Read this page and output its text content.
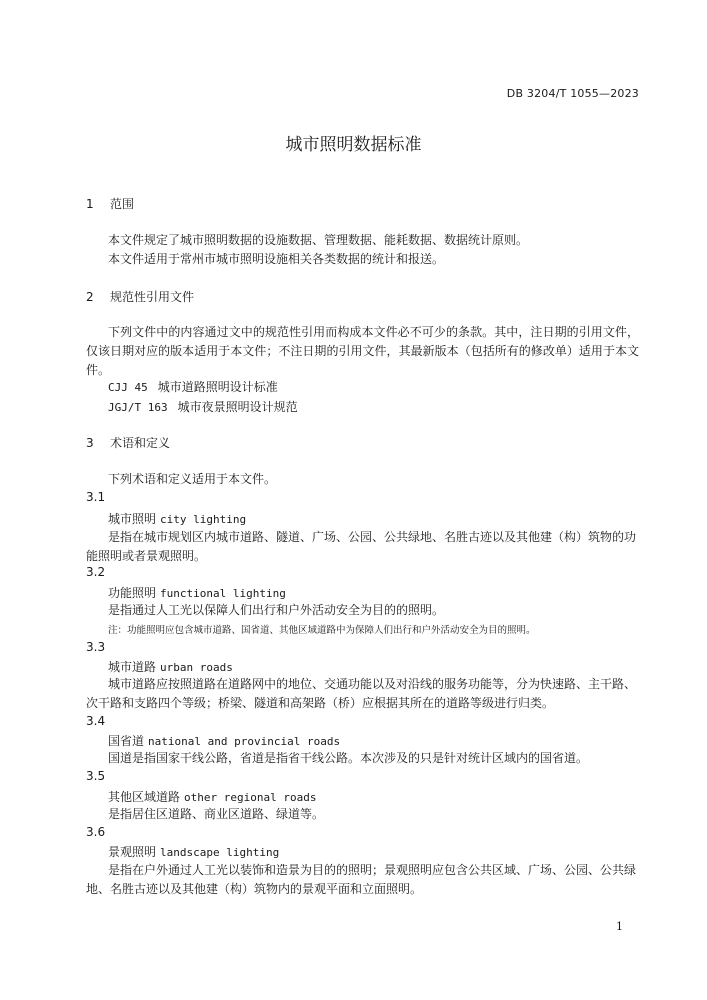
DB 3204/T 1055—2023
城市照明数据标准
1 范围
本文件规定了城市照明数据的设施数据、管理数据、能耗数据、数据统计原则。
本文件适用于常州市城市照明设施相关各类数据的统计和报送。
2 规范性引用文件
下列文件中的内容通过文中的规范性引用而构成本文件必不可少的条款。其中，注日期的引用文件，仅该日期对应的版本适用于本文件；不注日期的引用文件，其最新版本（包括所有的修改单）适用于本文件。
CJJ 45 城市道路照明设计标准
JGJ/T 163 城市夜景照明设计规范
3 术语和定义
下列术语和定义适用于本文件。
3.1
城市照明 city lighting
是指在城市规划区内城市道路、隧道、广场、公园、公共绿地、名胜古迹以及其他建（构）筑物的功能照明或者景观照明。
3.2
功能照明 functional lighting
是指通过人工光以保障人们出行和户外活动安全为目的的照明。
注：功能照明应包含城市道路、国省道、其他区域道路中为保障人们出行和户外活动安全为目的照明。
3.3
城市道路 urban roads
城市道路应按照道路在道路网中的地位、交通功能以及对沿线的服务功能等，分为快速路、主干路、次干路和支路四个等级；桥梁、隧道和高架路（桥）应根据其所在的道路等级进行归类。
3.4
国省道 national and provincial roads
国道是指国家干线公路，省道是指省干线公路。本次涉及的只是针对统计区域内的国省道。
3.5
其他区域道路 other regional roads
是指居住区道路、商业区道路、绿道等。
3.6
景观照明 landscape lighting
是指在户外通过人工光以装饰和造景为目的的照明；景观照明应包含公共区域、广场、公园、公共绿地、名胜古迹以及其他建（构）筑物内的景观平面和立面照明。
1
